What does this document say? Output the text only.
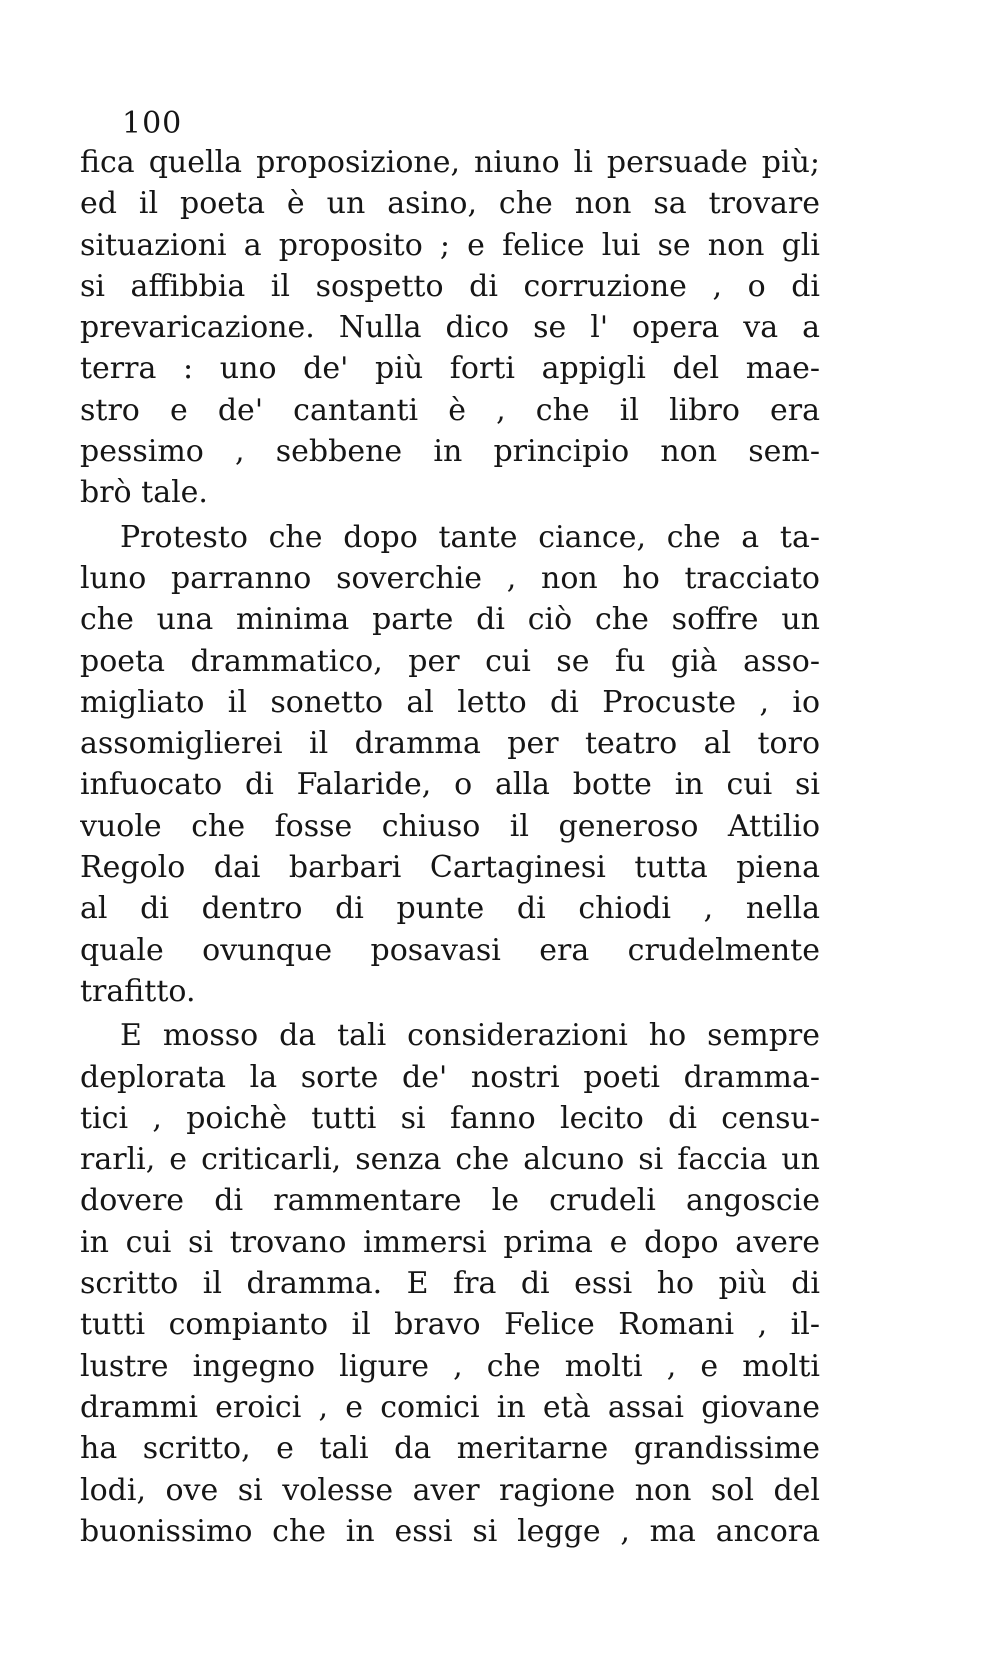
100
fica quella proposizione, niuno li persuade più;
ed il poeta è un asino, che non sa trovare
situazioni a proposito ; e felice lui se non gli
si affibbia il sospetto di corruzione , o di
prevaricazione. Nulla dico se l' opera va a
terra : uno de' più forti appigli del mae-
stro e de' cantanti è , che il libro era
pessimo , sebbene in principio non sem-
brò tale.
Protesto che dopo tante ciance, che a ta-
luno parranno soverchie , non ho tracciato
che una minima parte di ciò che soffre un
poeta drammatico, per cui se fu già asso-
migliato il sonetto al letto di Procuste , io
assomiglierei il dramma per teatro al toro
infuocato di Falaride, o alla botte in cui si
vuole che fosse chiuso il generoso Attilio
Regolo dai barbari Cartaginesi tutta piena
al di dentro di punte di chiodi , nella
quale ovunque posavasi era crudelmente
trafitto.
E mosso da tali considerazioni ho sempre
deplorata la sorte de' nostri poeti dramma-
tici , poichè tutti si fanno lecito di censu-
rarli, e criticarli, senza che alcuno si faccia un
dovere di rammentare le crudeli angoscie
in cui si trovano immersi prima e dopo avere
scritto il dramma. E fra di essi ho più di
tutti compianto il bravo Felice Romani , il-
lustre ingegno ligure , che molti , e molti
drammi eroici , e comici in età assai giovane
ha scritto, e tali da meritarne grandissime
lodi, ove si volesse aver ragione non sol del
buonissimo che in essi si legge , ma ancora
